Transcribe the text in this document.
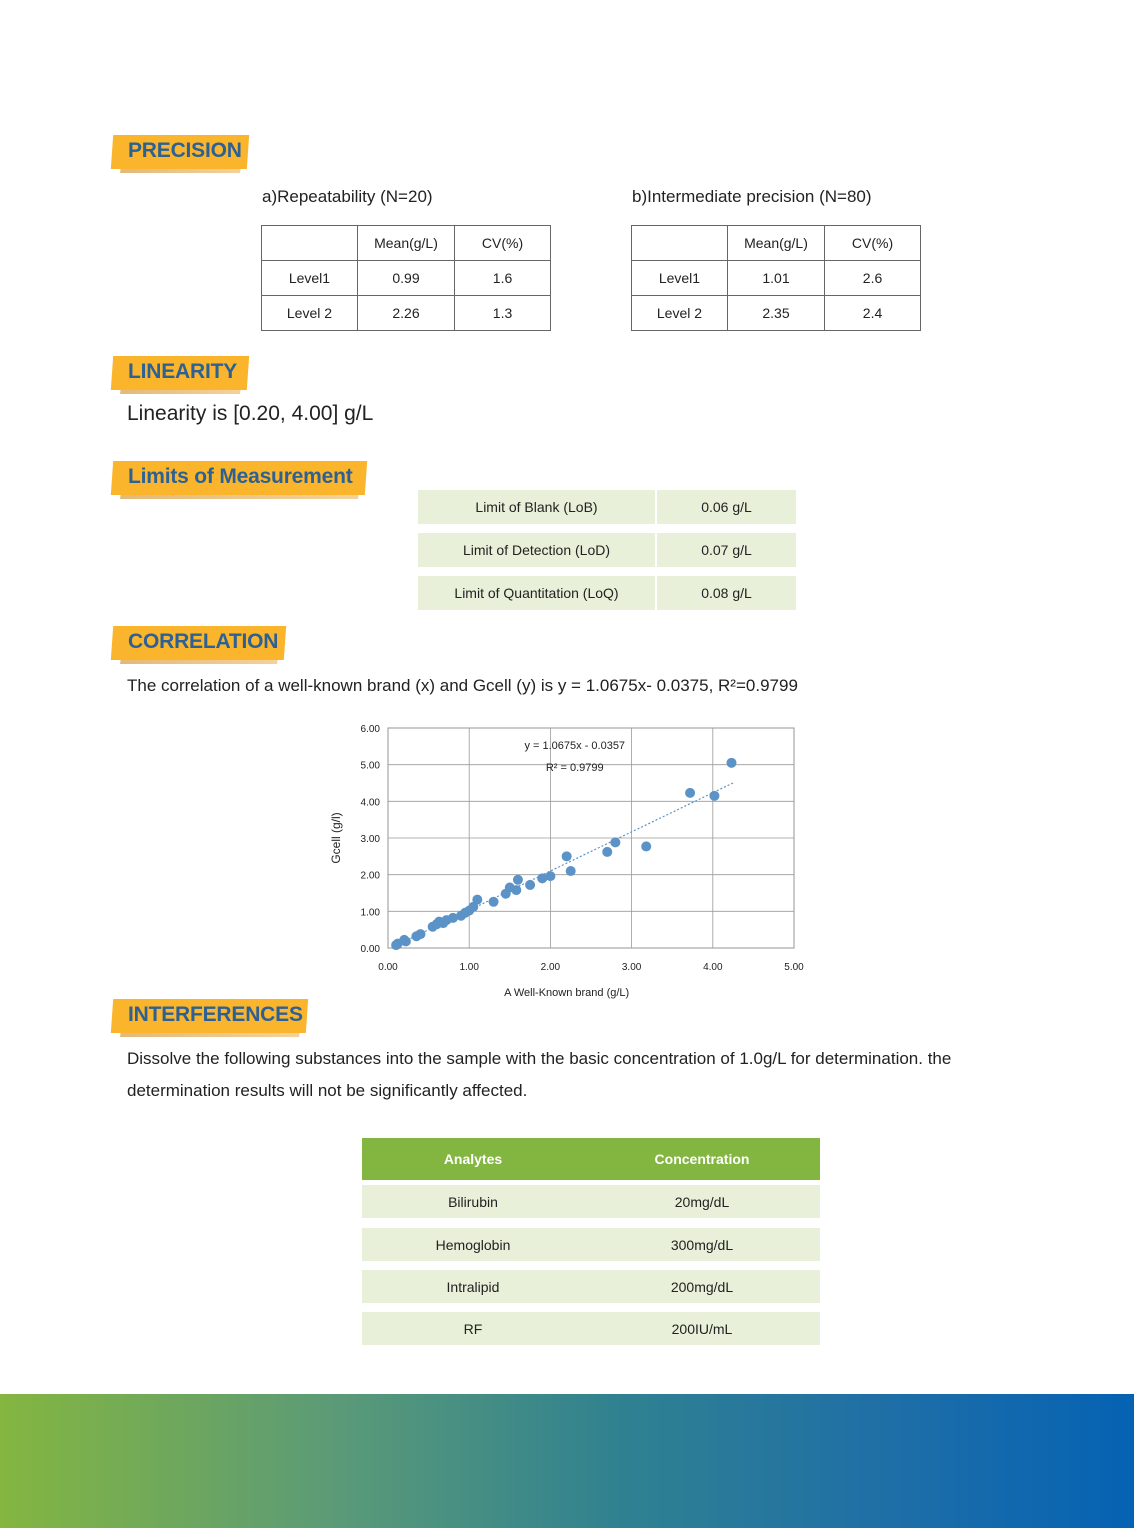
PRECISION
a)Repeatability (N=20)
	Mean(g/L)	CV(%)
Level1	0.99	1.6
Level 2	2.26	1.3
b)Intermediate precision (N=80)
	Mean(g/L)	CV(%)
Level1	1.01	2.6
Level 2	2.35	2.4
LINEARITY
Linearity is [0.20, 4.00] g/L
Limits of Measurement
Limit of Blank (LoB)	0.06 g/L
Limit of Detection (LoD)	0.07 g/L
Limit of Quantitation (LoQ)	0.08 g/L
CORRELATION
The correlation of a well-known brand (x) and Gcell (y) is y = 1.0675x- 0.0375, R²=0.9799
0.00
1.00
2.00
3.00
4.00
5.00
6.00
0.00	1.00	2.00	3.00	4.00	5.00
y = 1.0675x - 0.0357
R² = 0.9799
A Well-Known brand (g/L)
Gcell (g/l)
INTERFERENCES
Dissolve the following substances into the sample with the basic concentration of 1.0g/L for determination. the
determination results will not be significantly affected.
Analytes	Concentration
Bilirubin	20mg/dL
Hemoglobin	300mg/dL
Intralipid	200mg/dL
RF	200IU/mL
